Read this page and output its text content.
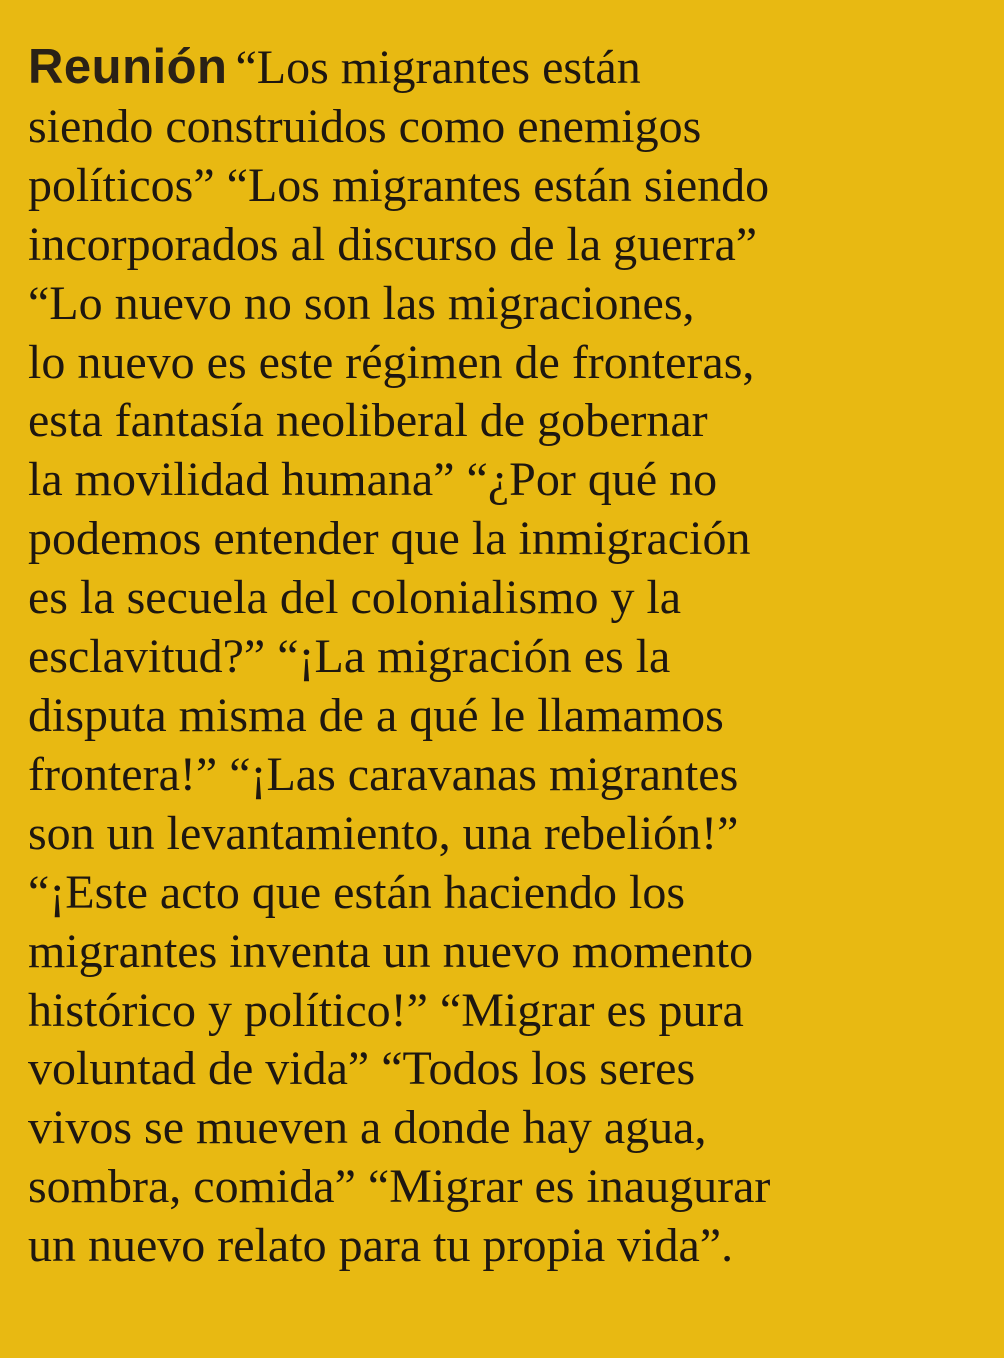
Reunión “Los migrantes están
siendo construidos como enemigos
políticos” “Los migrantes están siendo
incorporados al discurso de la guerra”
“Lo nuevo no son las migraciones,
lo nuevo es este régimen de fronteras,
esta fantasía neoliberal de gobernar
la movilidad humana” “¿Por qué no
podemos entender que la inmigración
es la secuela del colonialismo y la
esclavitud?” “¡La migración es la
disputa misma de a qué le llamamos
frontera!” “¡Las caravanas migrantes
son un levantamiento, una rebelión!”
“¡Este acto que están haciendo los
migrantes inventa un nuevo momento
histórico y político!” “Migrar es pura
voluntad de vida” “Todos los seres
vivos se mueven a donde hay agua,
sombra, comida” “Migrar es inaugurar
un nuevo relato para tu propia vida”.
